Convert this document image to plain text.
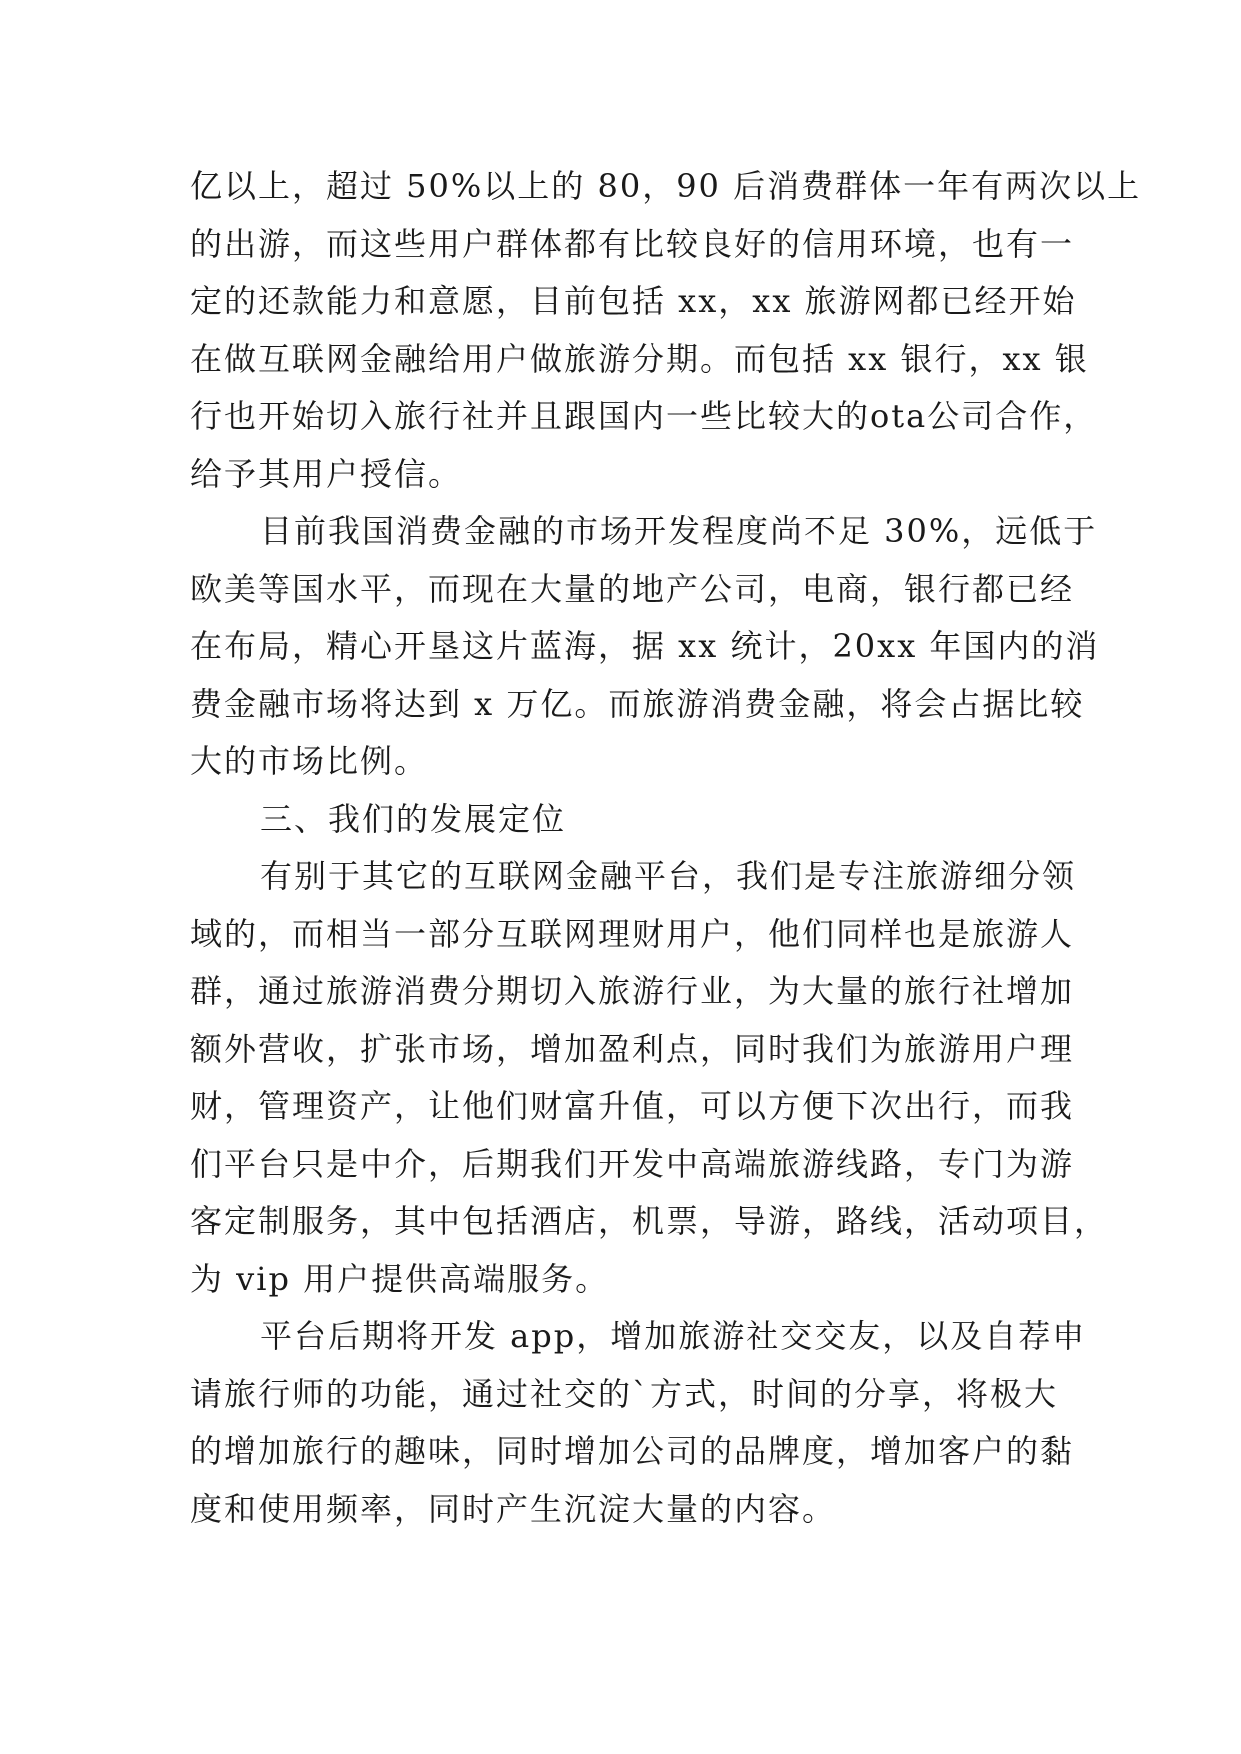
亿以上，超过 50%以上的 80，90 后消费群体一年有两次以上
的出游，而这些用户群体都有比较良好的信用环境，也有一
定的还款能力和意愿，目前包括 xx，xx 旅游网都已经开始
在做互联网金融给用户做旅游分期。而包括 xx 银行，xx 银
行也开始切入旅行社并且跟国内一些比较大的ota公司合作，
给予其用户授信。
目前我国消费金融的市场开发程度尚不足 30%，远低于
欧美等国水平，而现在大量的地产公司，电商，银行都已经
在布局，精心开垦这片蓝海，据 xx 统计，20xx 年国内的消
费金融市场将达到 x 万亿。而旅游消费金融，将会占据比较
大的市场比例。
三、我们的发展定位
有别于其它的互联网金融平台，我们是专注旅游细分领
域的，而相当一部分互联网理财用户，他们同样也是旅游人
群，通过旅游消费分期切入旅游行业，为大量的旅行社增加
额外营收，扩张市场，增加盈利点，同时我们为旅游用户理
财，管理资产，让他们财富升值，可以方便下次出行，而我
们平台只是中介，后期我们开发中高端旅游线路，专门为游
客定制服务，其中包括酒店，机票，导游，路线，活动项目，
为 vip 用户提供高端服务。
平台后期将开发 app，增加旅游社交交友，以及自荐申
请旅行师的功能，通过社交的`方式，时间的分享，将极大
的增加旅行的趣味，同时增加公司的品牌度，增加客户的黏
度和使用频率，同时产生沉淀大量的内容。
